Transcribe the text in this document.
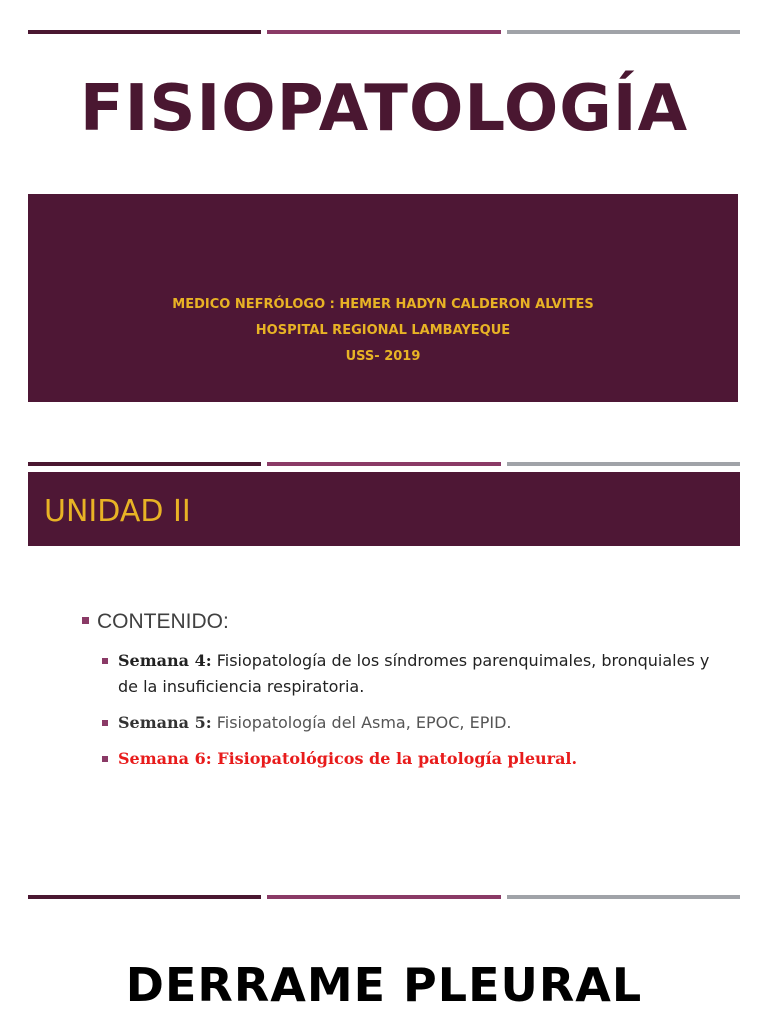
FISIOPATOLOGÍA
MEDICO NEFRÓLOGO : HEMER HADYN CALDERON ALVITES
HOSPITAL REGIONAL LAMBAYEQUE
USS- 2019
UNIDAD II
CONTENIDO:
Semana 4: Fisiopatología de los síndromes parenquimales, bronquiales y de la insuficiencia respiratoria.
Semana 5: Fisiopatología del Asma, EPOC, EPID.
Semana 6: Fisiopatológicos de la patología pleural.
DERRAME PLEURAL
